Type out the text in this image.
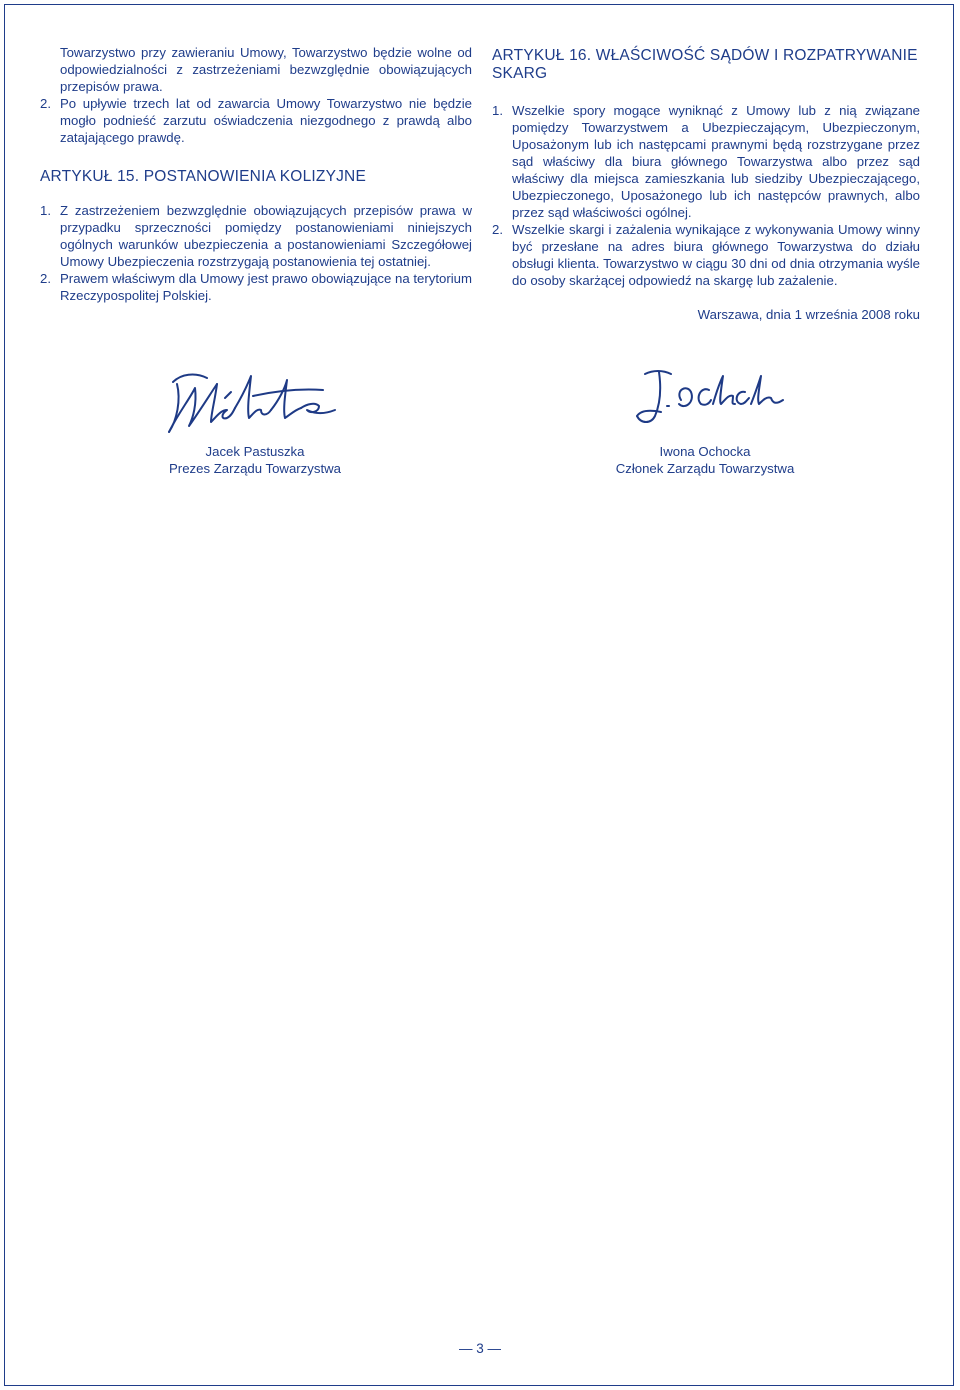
Towarzystwo przy zawieraniu Umowy, Towarzystwo będzie wolne od odpowiedzialności z zastrzeżeniami bezwzględnie obowiązujących przepisów prawa.

2. Po upływie trzech lat od zawarcia Umowy Towarzystwo nie będzie mogło podnieść zarzutu oświadczenia niezgodnego z prawdą albo zatajającego prawdę.
ARTYKUŁ 15. POSTANOWIENIA KOLIZYJNE
1. Z zastrzeżeniem bezwzględnie obowiązujących przepisów prawa w przypadku sprzeczności pomiędzy postanowieniami niniejszych ogólnych warunków ubezpieczenia a postanowieniami Szczegółowej Umowy Ubezpieczenia rozstrzygają postanowienia tej ostatniej.
2. Prawem właściwym dla Umowy jest prawo obowiązujące na terytorium Rzeczypospolitej Polskiej.
ARTYKUŁ 16. WŁAŚCIWOŚĆ SĄDÓW I ROZPATRYWANIE SKARG
1. Wszelkie spory mogące wyniknąć z Umowy lub z nią związane pomiędzy Towarzystwem a Ubezpieczającym, Ubezpieczonym, Uposażonym lub ich następcami prawnymi będą rozstrzygane przez sąd właściwy dla biura głównego Towarzystwa albo przez sąd właściwy dla miejsca zamieszkania lub siedziby Ubezpieczającego, Ubezpieczonego, Uposażonego lub ich następców prawnych, albo przez sąd właściwości ogólnej.
2. Wszelkie skargi i zażalenia wynikające z wykonywania Umowy winny być przesłane na adres biura głównego Towarzystwa do działu obsługi klienta. Towarzystwo w ciągu 30 dni od dnia otrzymania wyśle do osoby skarżącej odpowiedź na skargę lub zażalenie.
Warszawa, dnia 1 września 2008 roku
Jacek Pastuszka
Prezes Zarządu Towarzystwa
Iwona Ochocka
Członek Zarządu Towarzystwa
— 3 —
